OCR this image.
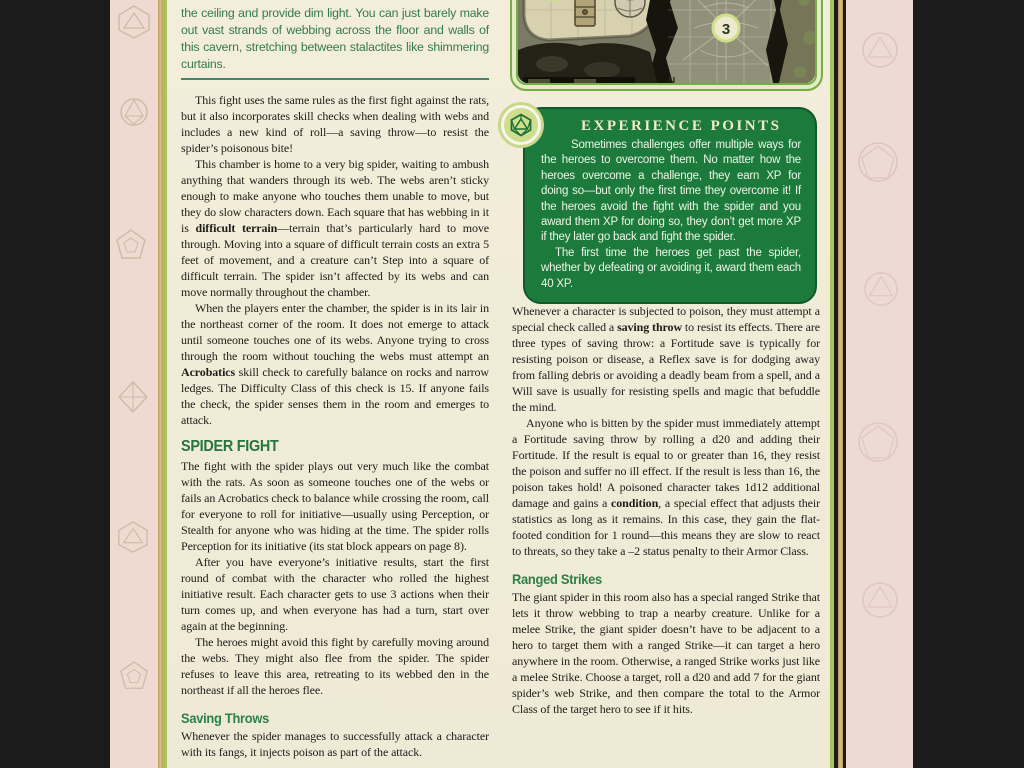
the ceiling and provide dim light. You can just barely make out vast strands of webbing across the floor and walls of this cavern, stretching between stalactites like shimmering curtains.
This fight uses the same rules as the first fight against the rats, but it also incorporates skill checks when dealing with webs and includes a new kind of roll—a saving throw—to resist the spider’s poisonous bite!
This chamber is home to a very big spider, waiting to ambush anything that wanders through its web. The webs aren’t sticky enough to make anyone who touches them unable to move, but they do slow characters down. Each square that has webbing in it is difficult terrain—terrain that’s particularly hard to move through. Moving into a square of difficult terrain costs an extra 5 feet of movement, and a creature can’t Step into a square of difficult terrain. The spider isn’t affected by its webs and can move normally throughout the chamber.
When the players enter the chamber, the spider is in its lair in the northeast corner of the room. It does not emerge to attack until someone touches one of its webs. Anyone trying to cross through the room without touching the webs must attempt an Acrobatics skill check to carefully balance on rocks and narrow ledges. The Difficulty Class of this check is 15. If anyone fails the check, the spider senses them in the room and emerges to attack.
SPIDER FIGHT
The fight with the spider plays out very much like the combat with the rats. As soon as someone touches one of the webs or fails an Acrobatics check to balance while crossing the room, call for everyone to roll for initiative—usually using Perception, or Stealth for anyone who was hiding at the time. The spider rolls Perception for its initiative (its stat block appears on page 8).
After you have everyone’s initiative results, start the first round of combat with the character who rolled the highest initiative result. Each character gets to use 3 actions when their turn comes up, and when everyone has had a turn, start over again at the beginning.
The heroes might avoid this fight by carefully moving around the webs. They might also flee from the spider. The spider refuses to leave this area, retreating to its webbed den in the northeast if all the heroes flee.
Saving Throws
Whenever the spider manages to successfully attack a character with its fangs, it injects poison as part of the attack.
N
3
EXPERIENCE POINTS
Sometimes challenges offer multiple ways for the heroes to overcome them. No matter how the heroes overcome a challenge, they earn XP for doing so—but only the first time they overcome it! If the heroes avoid the fight with the spider and you award them XP for doing so, they don’t get more XP if they later go back and fight the spider.
The first time the heroes get past the spider, whether by defeating or avoiding it, award them each 40 XP.
Whenever a character is subjected to poison, they must attempt a special check called a saving throw to resist its effects. There are three types of saving throw: a Fortitude save is typically for resisting poison or disease, a Reflex save is for dodging away from falling debris or avoiding a deadly beam from a spell, and a Will save is usually for resisting spells and magic that befuddle the mind.
Anyone who is bitten by the spider must immediately attempt a Fortitude saving throw by rolling a d20 and adding their Fortitude. If the result is equal to or greater than 16, they resist the poison and suffer no ill effect. If the result is less than 16, the poison takes hold! A poisoned character takes 1d12 additional damage and gains a condition, a special effect that adjusts their statistics as long as it remains. In this case, they gain the flat-footed condition for 1 round—this means they are slow to react to threats, so they take a –2 status penalty to their Armor Class.
Ranged Strikes
The giant spider in this room also has a special ranged Strike that lets it throw webbing to trap a nearby creature. Unlike for a melee Strike, the giant spider doesn’t have to be adjacent to a hero to target them with a ranged Strike—it can target a hero anywhere in the room. Otherwise, a ranged Strike works just like a melee Strike. Choose a target, roll a d20 and add 7 for the giant spider’s web Strike, and then compare the total to the Armor Class of the target hero to see if it hits.
